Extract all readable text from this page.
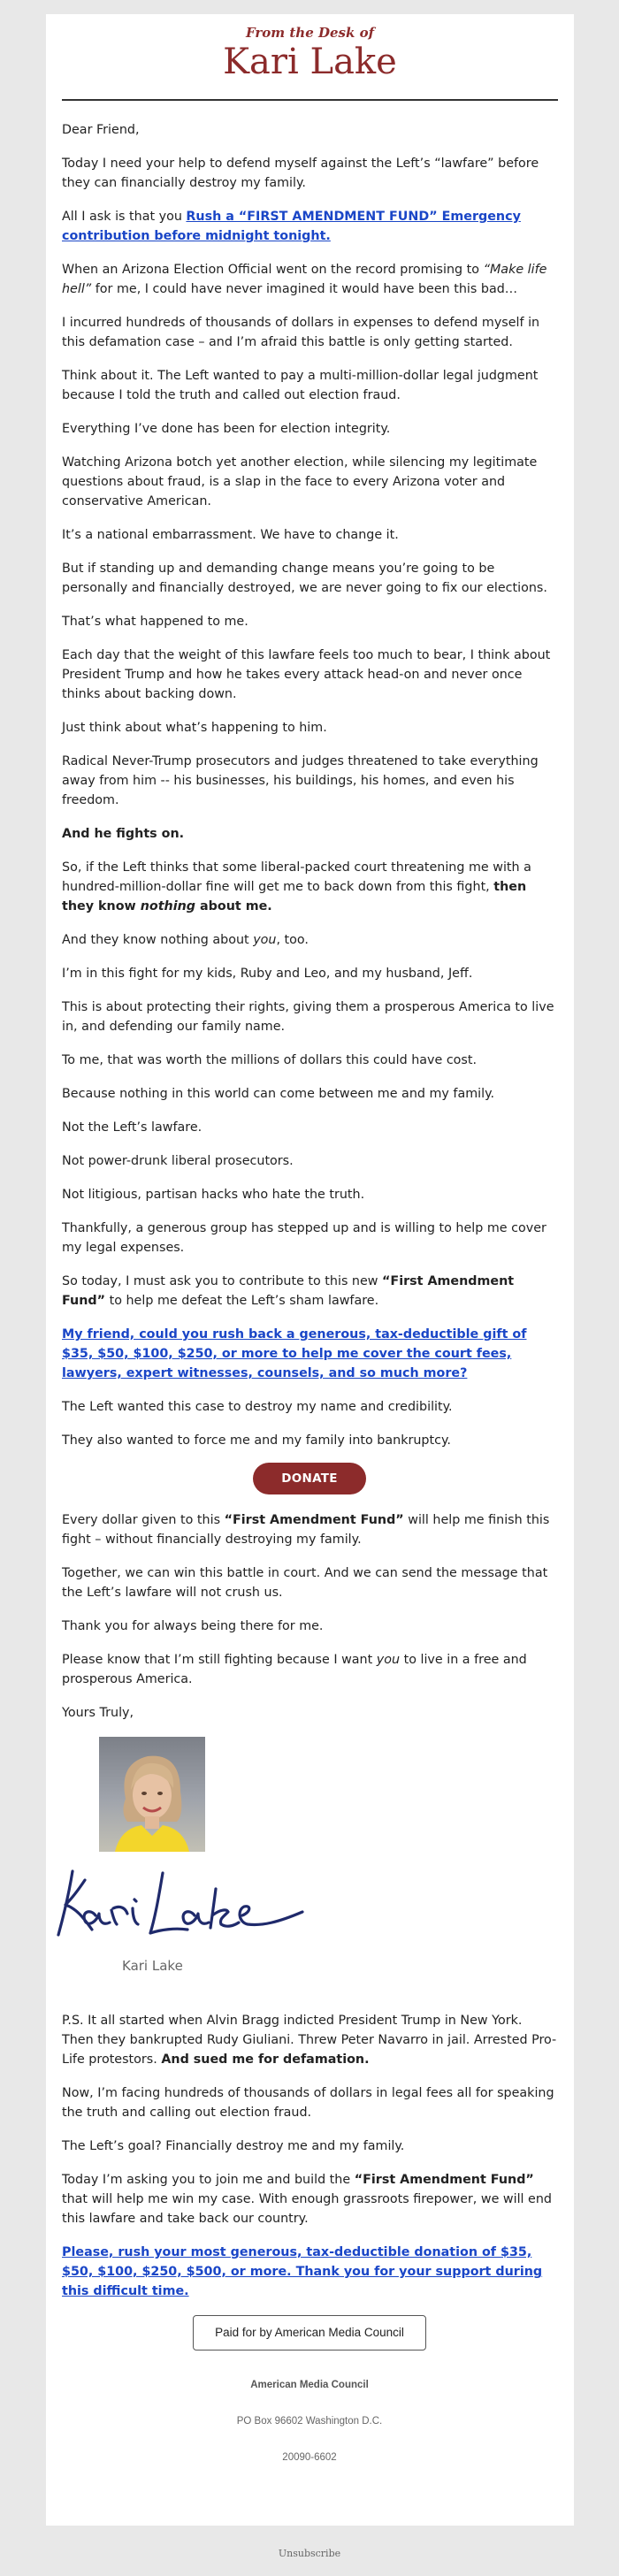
From the Desk of
Kari Lake

Dear Friend,

Today I need your help to defend myself against the Left’s “lawfare” before they can financially destroy my family.

All I ask is that you Rush a “FIRST AMENDMENT FUND” Emergency contribution before midnight tonight.

When an Arizona Election Official went on the record promising to “Make life hell” for me, I could have never imagined it would have been this bad…

I incurred hundreds of thousands of dollars in expenses to defend myself in this defamation case – and I’m afraid this battle is only getting started.

Think about it. The Left wanted to pay a multi-million-dollar legal judgment because I told the truth and called out election fraud.

Everything I’ve done has been for election integrity.

Watching Arizona botch yet another election, while silencing my legitimate questions about fraud, is a slap in the face to every Arizona voter and conservative American.

It’s a national embarrassment. We have to change it.

But if standing up and demanding change means you’re going to be personally and financially destroyed, we are never going to fix our elections.

That’s what happened to me.

Each day that the weight of this lawfare feels too much to bear, I think about President Trump and how he takes every attack head-on and never once thinks about backing down.

Just think about what’s happening to him.

Radical Never-Trump prosecutors and judges threatened to take everything away from him -- his businesses, his buildings, his homes, and even his freedom.

And he fights on.

So, if the Left thinks that some liberal-packed court threatening me with a hundred-million-dollar fine will get me to back down from this fight, then they know nothing about me.

And they know nothing about you, too.

I’m in this fight for my kids, Ruby and Leo, and my husband, Jeff.

This is about protecting their rights, giving them a prosperous America to live in, and defending our family name.

To me, that was worth the millions of dollars this could have cost.

Because nothing in this world can come between me and my family.

Not the Left’s lawfare.

Not power-drunk liberal prosecutors.

Not litigious, partisan hacks who hate the truth.

Thankfully, a generous group has stepped up and is willing to help me cover my legal expenses.

So today, I must ask you to contribute to this new “First Amendment Fund” to help me defeat the Left’s sham lawfare.

My friend, could you rush back a generous, tax-deductible gift of $35, $50, $100, $250, or more to help me cover the court fees, lawyers, expert witnesses, counsels, and so much more?

The Left wanted this case to destroy my name and credibility.

They also wanted to force me and my family into bankruptcy.

DONATE

Every dollar given to this “First Amendment Fund” will help me finish this fight – without financially destroying my family.

Together, we can win this battle in court. And we can send the message that the Left’s lawfare will not crush us.

Thank you for always being there for me.

Please know that I’m still fighting because I want you to live in a free and prosperous America.

Yours Truly,

Kari Lake

P.S. It all started when Alvin Bragg indicted President Trump in New York. Then they bankrupted Rudy Giuliani. Threw Peter Navarro in jail. Arrested Pro-Life protestors. And sued me for defamation.

Now, I’m facing hundreds of thousands of dollars in legal fees all for speaking the truth and calling out election fraud.

The Left’s goal? Financially destroy me and my family.

Today I’m asking you to join me and build the “First Amendment Fund” that will help me win my case. With enough grassroots firepower, we will end this lawfare and take back our country.

Please, rush your most generous, tax-deductible donation of $35, $50, $100, $250, $500, or more. Thank you for your support during this difficult time.

Paid for by American Media Council
American Media Council
PO Box 96602 Washington D.C.
20090-6602
Unsubscribe
